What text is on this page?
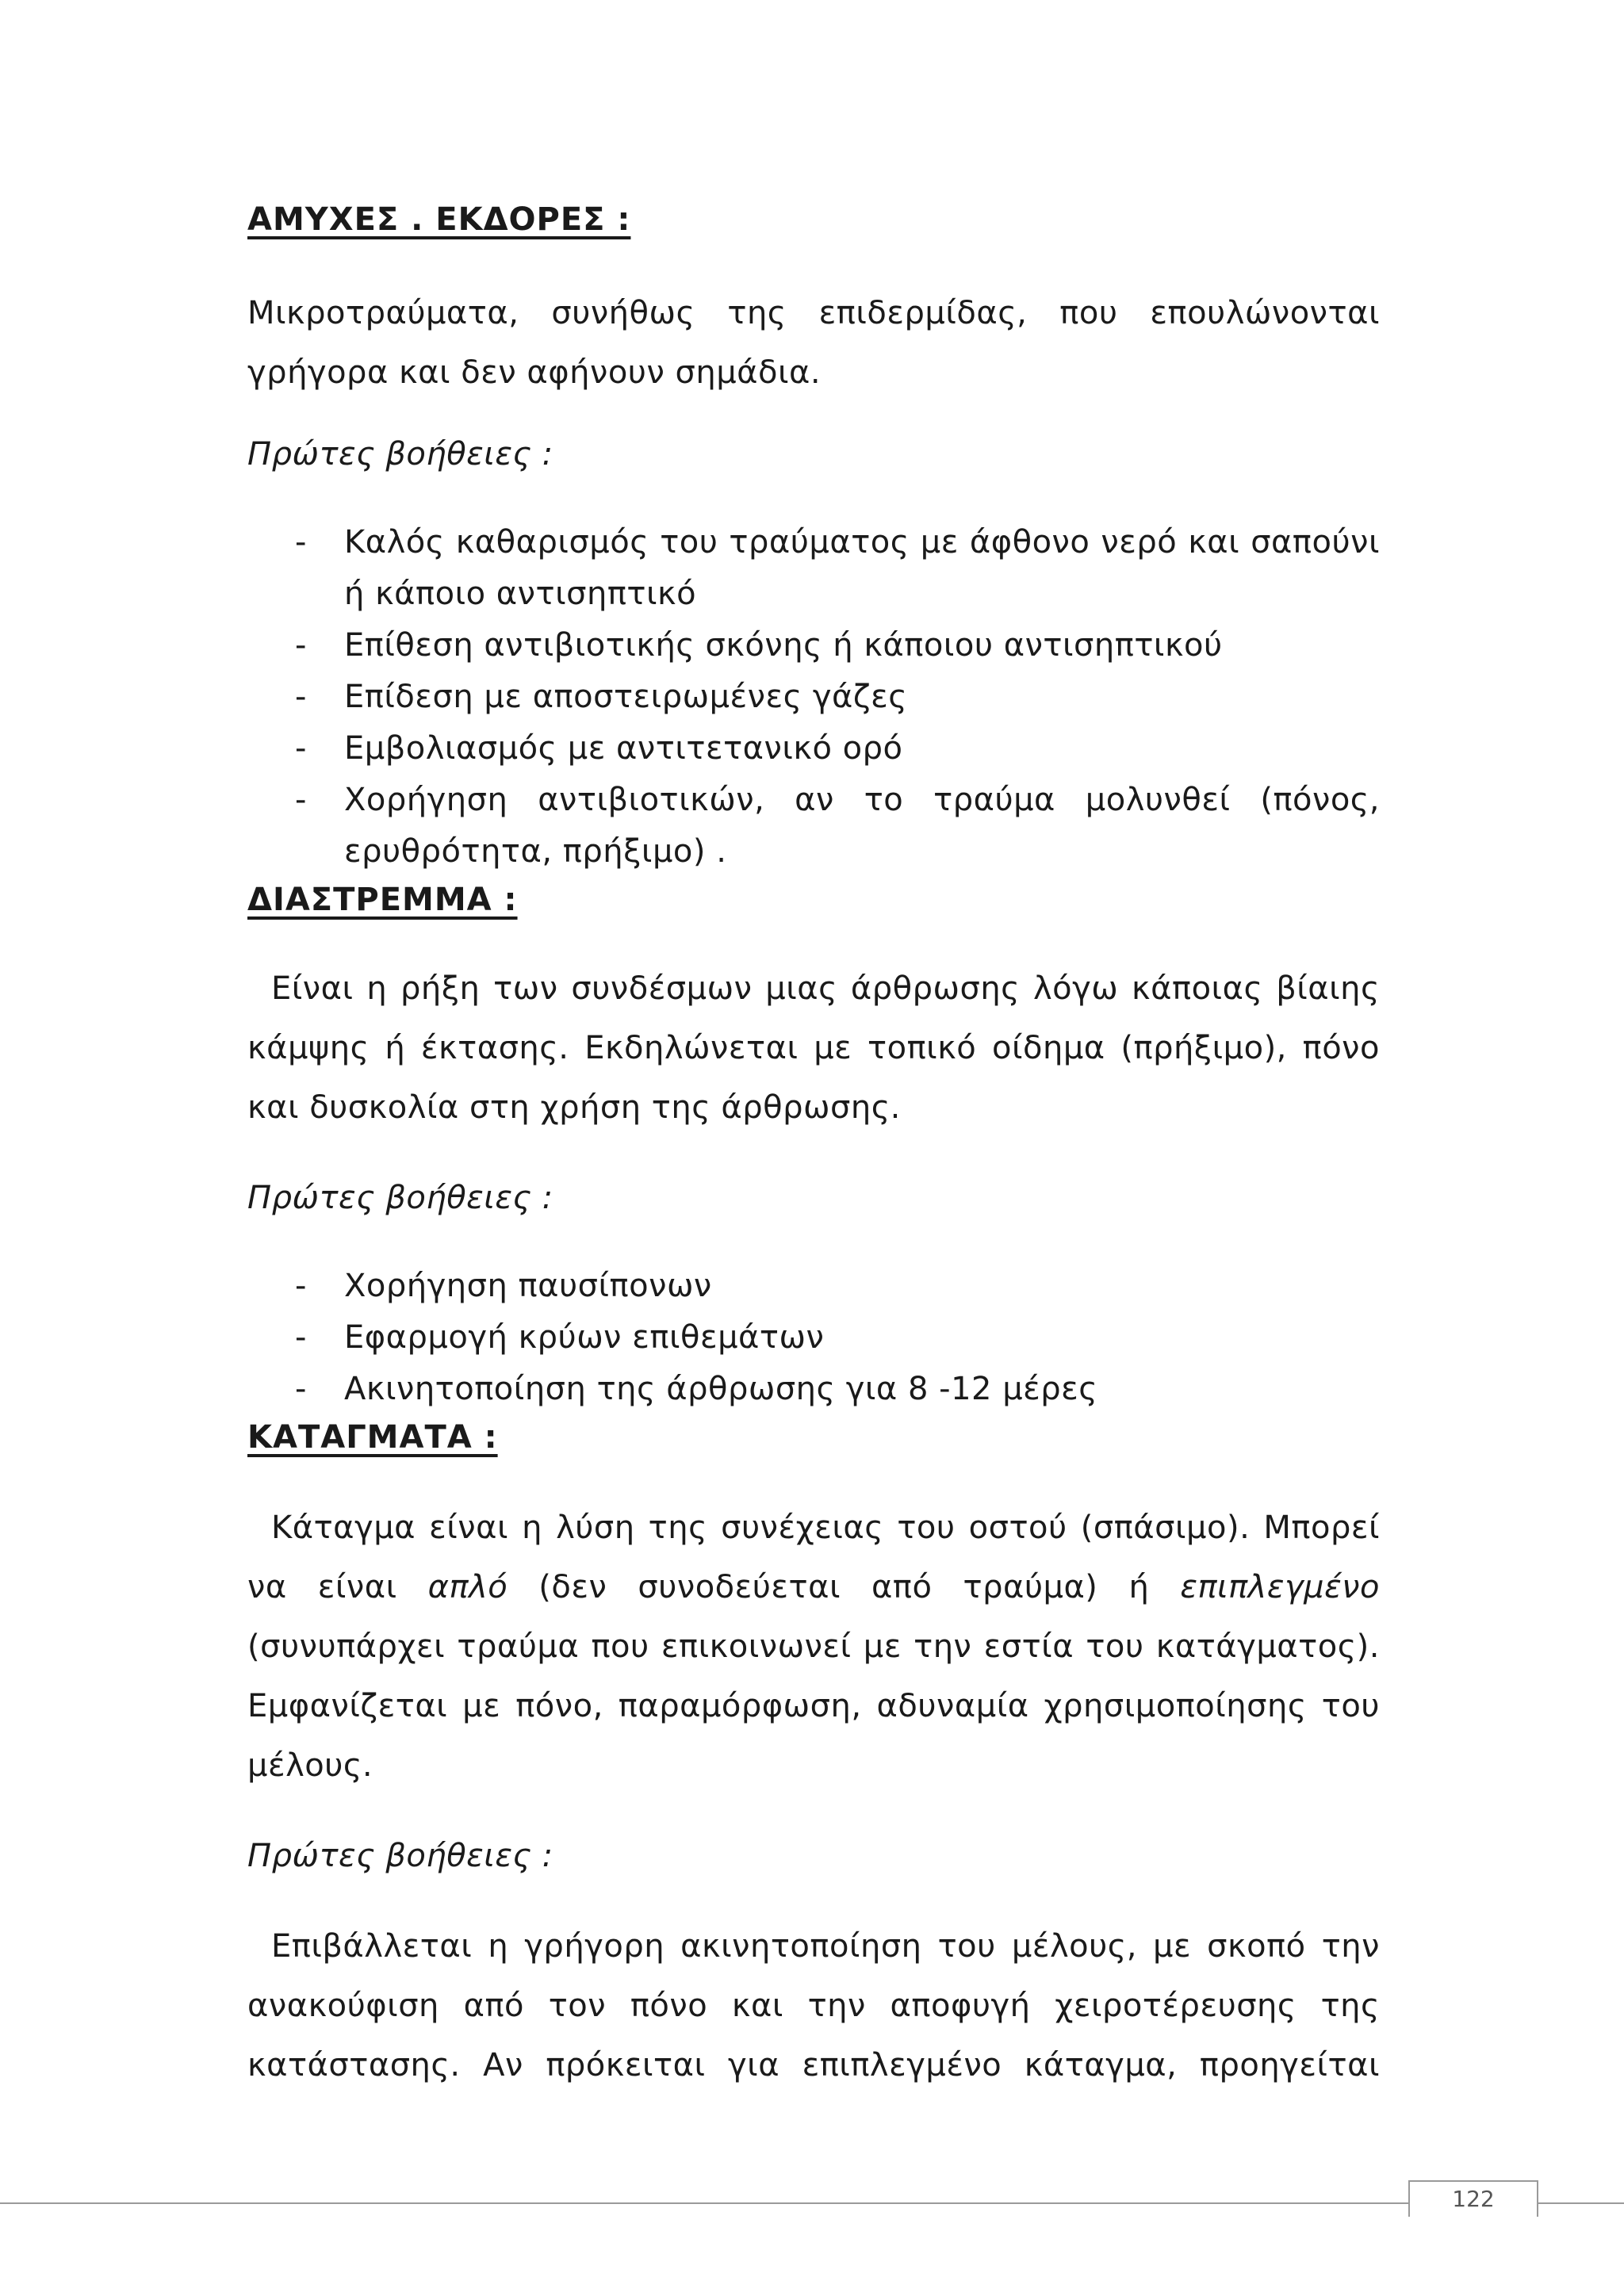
ΑΜΥΧΕΣ . ΕΚΔΟΡΕΣ :

Μικροτραύματα, συνήθως της επιδερμίδας, που επουλώνονται γρήγορα και δεν αφήνουν σημάδια.

Πρώτες βοήθειες :

- Καλός καθαρισμός του τραύματος με άφθονο νερό και σαπούνι ή κάποιο αντισηπτικό
- Επίθεση αντιβιοτικής σκόνης ή κάποιου αντισηπτικού
- Επίδεση με αποστειρωμένες γάζες
- Εμβολιασμός με αντιτετανικό ορό
- Χορήγηση αντιβιοτικών, αν το τραύμα μολυνθεί (πόνος, ερυθρότητα, πρήξιμο) .
ΔΙΑΣΤΡΕΜΜΑ :

Είναι η ρήξη των συνδέσμων μιας άρθρωσης λόγω κάποιας βίαιης κάμψης ή έκτασης. Εκδηλώνεται με τοπικό οίδημα (πρήξιμο), πόνο και δυσκολία στη χρήση της άρθρωσης.

Πρώτες βοήθειες :

- Χορήγηση παυσίπονων
- Εφαρμογή κρύων επιθεμάτων
- Ακινητοποίηση της άρθρωσης για 8 -12 μέρες
ΚΑΤΑΓΜΑΤΑ :

Κάταγμα είναι η λύση της συνέχειας του οστού (σπάσιμο). Μπορεί να είναι απλό (δεν συνοδεύεται από τραύμα) ή επιπλεγμένο (συνυπάρχει τραύμα που επικοινωνεί με την εστία του κατάγματος). Εμφανίζεται με πόνο, παραμόρφωση, αδυναμία χρησιμοποίησης του μέλους.

Πρώτες βοήθειες :

Επιβάλλεται η γρήγορη ακινητοποίηση του μέλους, με σκοπό την ανακούφιση από τον πόνο και την αποφυγή χειροτέρευσης της κατάστασης. Αν πρόκειται για επιπλεγμένο κάταγμα, προηγείται

122
